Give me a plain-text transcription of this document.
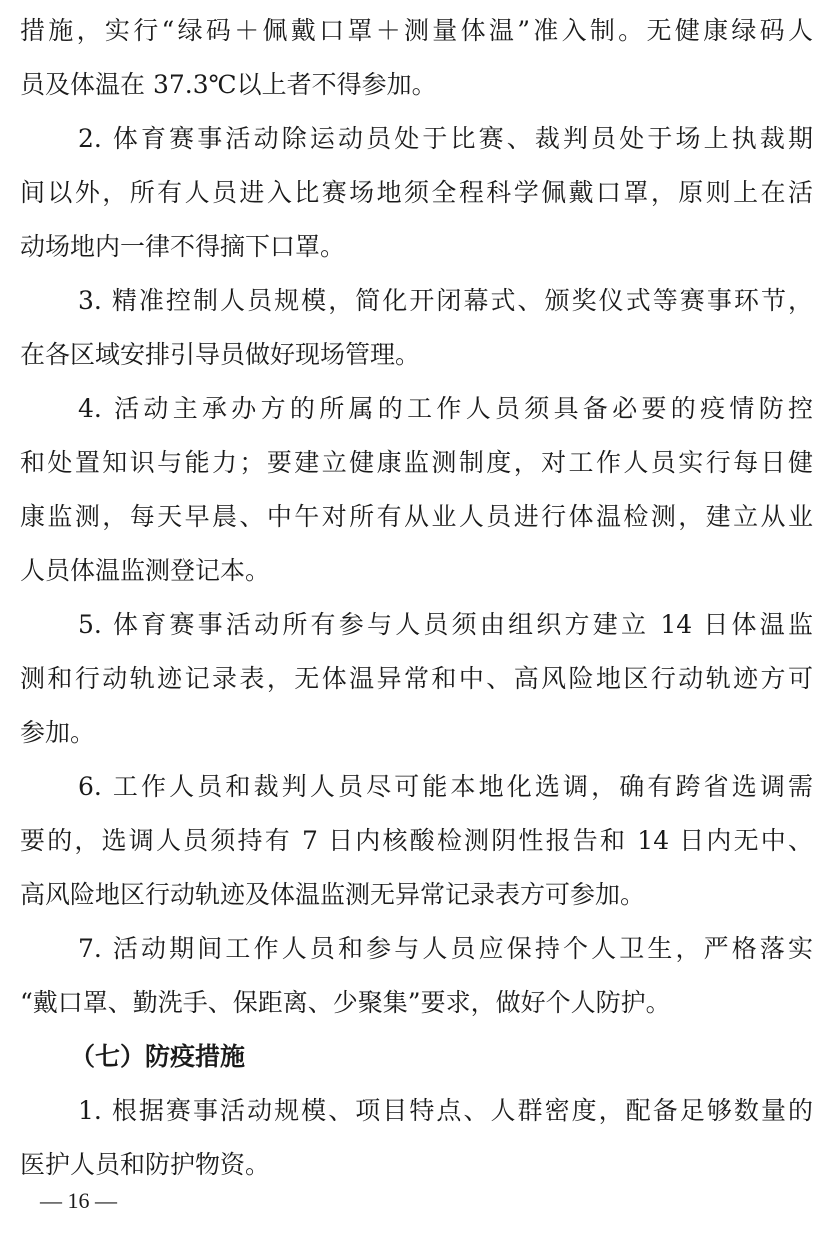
措施，实行“绿码＋佩戴口罩＋测量体温”准入制。无健康绿码人
员及体温在 37.3℃以上者不得参加。
2. 体育赛事活动除运动员处于比赛、裁判员处于场上执裁期
间以外，所有人员进入比赛场地须全程科学佩戴口罩，原则上在活
动场地内一律不得摘下口罩。
3. 精准控制人员规模，简化开闭幕式、颁奖仪式等赛事环节，
在各区域安排引导员做好现场管理。
4. 活动主承办方的所属的工作人员须具备必要的疫情防控
和处置知识与能力；要建立健康监测制度，对工作人员实行每日健
康监测，每天早晨、中午对所有从业人员进行体温检测，建立从业
人员体温监测登记本。
5. 体育赛事活动所有参与人员须由组织方建立 14 日体温监
测和行动轨迹记录表，无体温异常和中、高风险地区行动轨迹方可
参加。
6. 工作人员和裁判人员尽可能本地化选调，确有跨省选调需
要的，选调人员须持有 7 日内核酸检测阴性报告和 14 日内无中、
高风险地区行动轨迹及体温监测无异常记录表方可参加。
7. 活动期间工作人员和参与人员应保持个人卫生，严格落实
“戴口罩、勤洗手、保距离、少聚集”要求，做好个人防护。
（七）防疫措施
1. 根据赛事活动规模、项目特点、人群密度，配备足够数量的
医护人员和防护物资。
— 16 —
